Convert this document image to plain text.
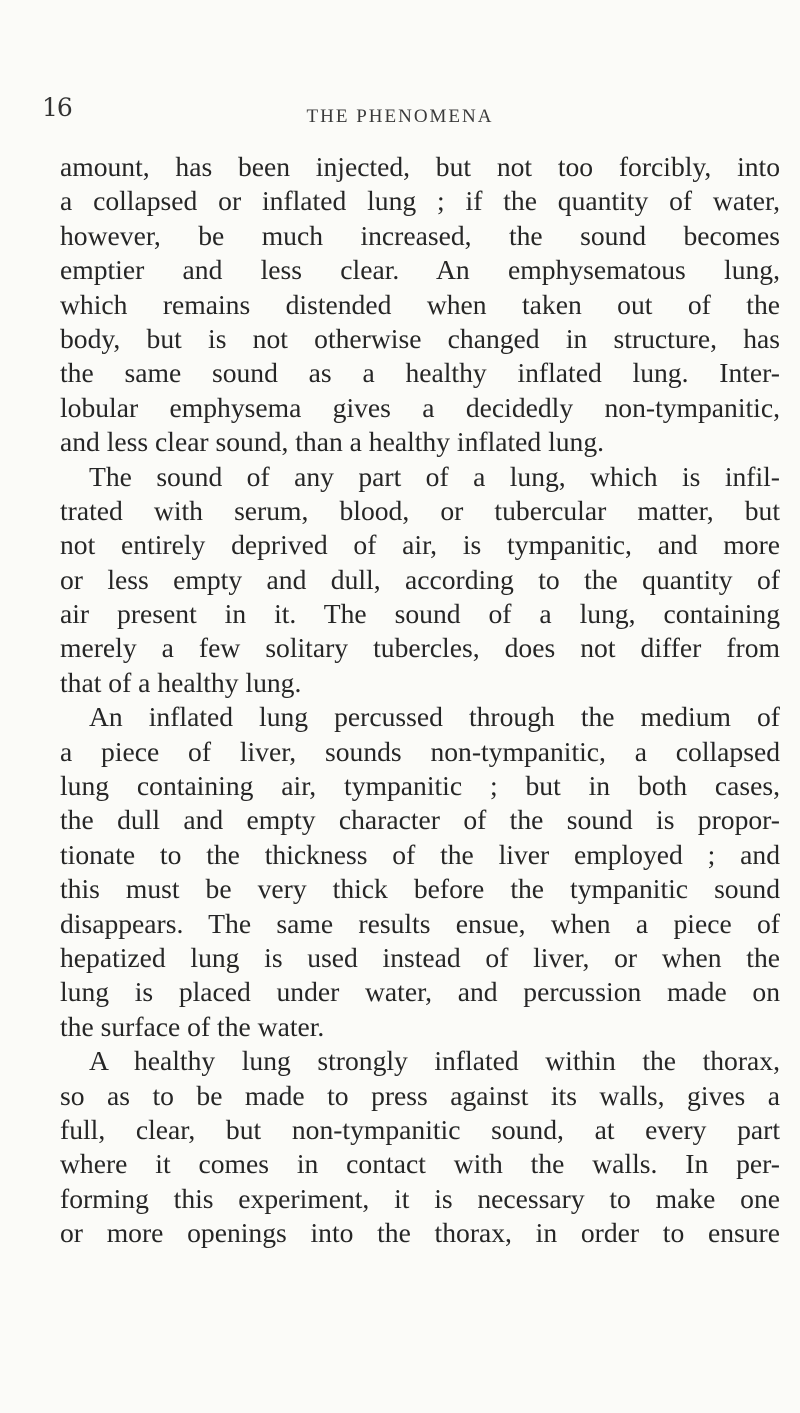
16	THE PHENOMENA
amount, has been injected, but not too forcibly, into
a collapsed or inflated lung ; if the quantity of water,
however, be much increased, the sound becomes
emptier and less clear. An emphysematous lung,
which remains distended when taken out of the
body, but is not otherwise changed in structure, has
the same sound as a healthy inflated lung. Inter-
lobular emphysema gives a decidedly non-tympanitic,
and less clear sound, than a healthy inflated lung.
The sound of any part of a lung, which is infil-
trated with serum, blood, or tubercular matter, but
not entirely deprived of air, is tympanitic, and more
or less empty and dull, according to the quantity of
air present in it. The sound of a lung, containing
merely a few solitary tubercles, does not differ from
that of a healthy lung.
An inflated lung percussed through the medium of
a piece of liver, sounds non-tympanitic, a collapsed
lung containing air, tympanitic ; but in both cases,
the dull and empty character of the sound is propor-
tionate to the thickness of the liver employed ; and
this must be very thick before the tympanitic sound
disappears. The same results ensue, when a piece of
hepatized lung is used instead of liver, or when the
lung is placed under water, and percussion made on
the surface of the water.
A healthy lung strongly inflated within the thorax,
so as to be made to press against its walls, gives a
full, clear, but non-tympanitic sound, at every part
where it comes in contact with the walls. In per-
forming this experiment, it is necessary to make one
or more openings into the thorax, in order to ensure
